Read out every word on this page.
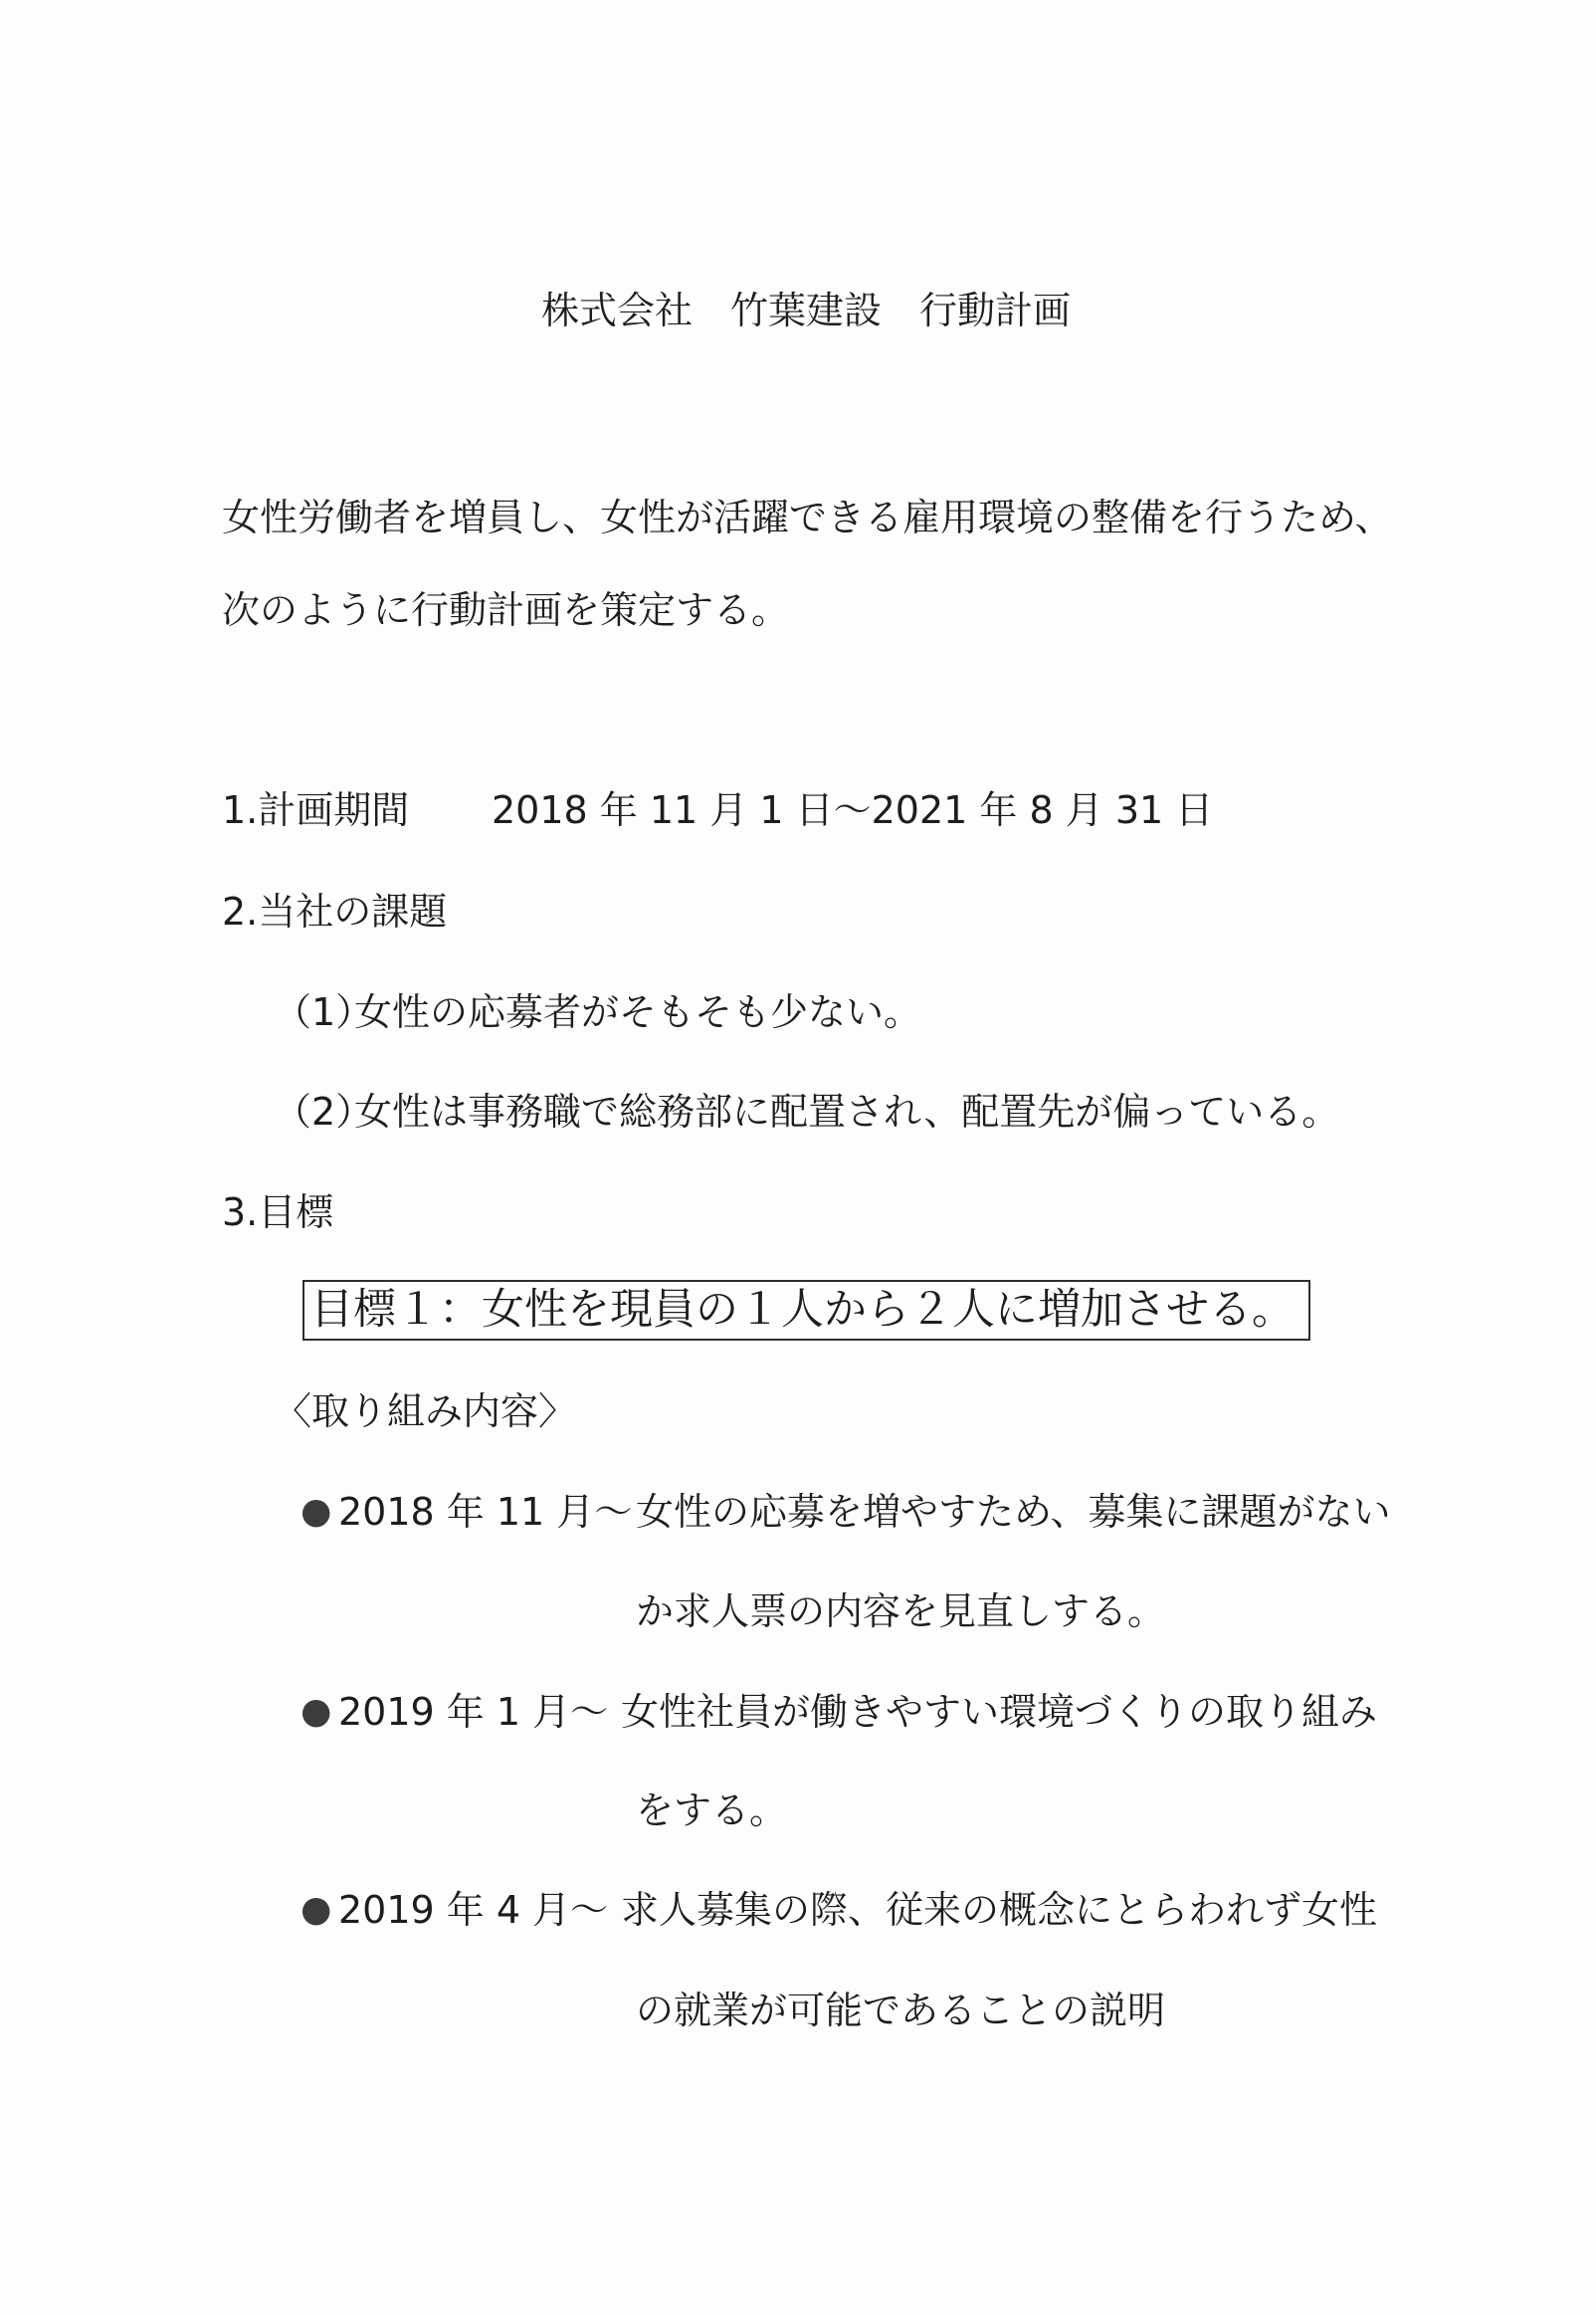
株式会社　竹葉建設　行動計画
女性労働者を増員し、女性が活躍できる雇用環境の整備を行うため、
次のように行動計画を策定する。
1.計画期間 2018 年 11 月 1 日～2021 年 8 月 31 日
2.当社の課題
（1）
女性の応募者がそもそも少ない。
（2）
女性は事務職で総務部に配置され、配置先が偏っている。
3.目標
目標１：女性を現員の１人から２人に増加させる。
〈取り組み内容〉
● 2018 年 11 月～ 女性の応募を増やすため、募集に課題がない
か求人票の内容を見直しする。
● 2019 年 1 月～ 女性社員が働きやすい環境づくりの取り組み
をする。
● 2019 年 4 月～ 求人募集の際、従来の概念にとらわれず女性
の就業が可能であることの説明
